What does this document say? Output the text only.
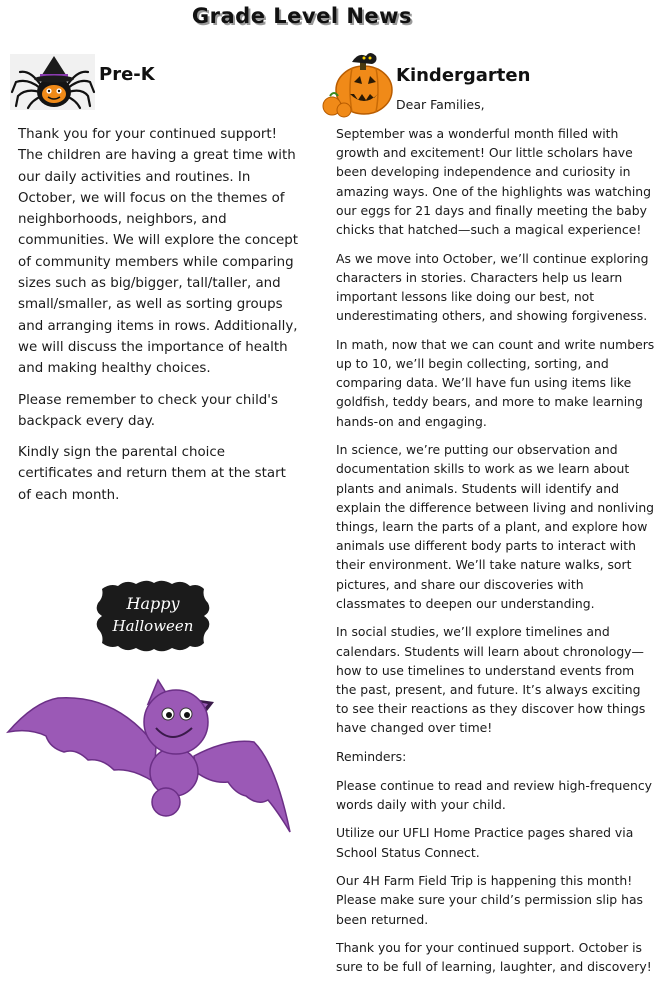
Grade Level News
Pre-K

Thank you for your continued support! The children are having a great time with our daily activities and routines. In October, we will focus on the themes of neighborhoods, neighbors, and communities. We will explore the concept of community members while comparing sizes such as big/bigger, tall/taller, and small/smaller, as well as sorting groups and arranging items in rows. Additionally, we will discuss the importance of health and making healthy choices.

Please remember to check your child's backpack every day.

Kindly sign the parental choice certificates and return them at the start of each month.

Happy
Halloween
Kindergarten
Dear Families,

September was a wonderful month filled with growth and excitement! Our little scholars have been developing independence and curiosity in amazing ways. One of the highlights was watching our eggs for 21 days and finally meeting the baby chicks that hatched—such a magical experience!

As we move into October, we’ll continue exploring characters in stories. Characters help us learn important lessons like doing our best, not underestimating others, and showing forgiveness.

In math, now that we can count and write numbers up to 10, we’ll begin collecting, sorting, and comparing data. We’ll have fun using items like goldfish, teddy bears, and more to make learning hands-on and engaging.

In science, we’re putting our observation and documentation skills to work as we learn about plants and animals. Students will identify and explain the difference between living and nonliving things, learn the parts of a plant, and explore how animals use different body parts to interact with their environment. We’ll take nature walks, sort pictures, and share our discoveries with classmates to deepen our understanding.

In social studies, we’ll explore timelines and calendars. Students will learn about chronology—how to use timelines to understand events from the past, present, and future. It’s always exciting to see their reactions as they discover how things have changed over time!

Reminders:

Please continue to read and review high-frequency words daily with your child.

Utilize our UFLI Home Practice pages shared via School Status Connect.

Our 4H Farm Field Trip is happening this month! Please make sure your child’s permission slip has been returned.

Thank you for your continued support. October is sure to be full of learning, laughter, and discovery!
